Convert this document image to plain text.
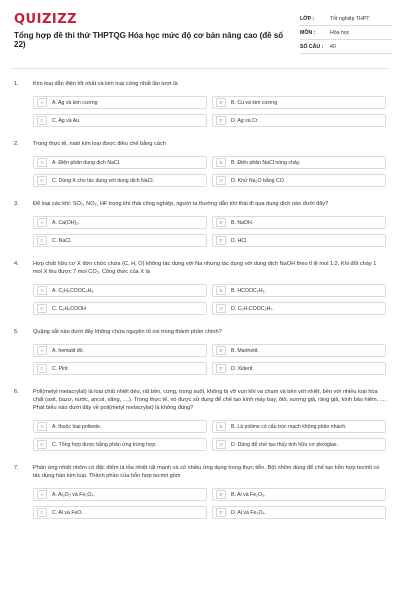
QUIZIZZ
Tổng hợp đề thi thử THPTQG Hóa học mức độ cơ bản nâng cao (đề số 22)
LỚP :	Tốt nghiệp THPT
MÔN :	Hóa học
SỐ CÂU :	40
1.	Kim loại dẫn điện tốt nhất và kim loại cứng nhất lần lượt là
A	A. Ag và kim cương	B	B. Cu và kim cương
C	C. Ag và Au.	D	D. Ag và Cr
2.	Trong thực tế, natri kim loại được điều chế bằng cách
A	A. Điện phân dung dịch NaCl.	B	B. Điện phân NaCl nóng chảy.
C	C. Dùng K cho tác dụng với dung dịch NaCl.	D	D. Khử Na₂O bằng CO.
3.	Để loại các khí: SO₂, NO₂, HF trong khí thải công nghiệp, người ta thường dẫn khí thải đi qua dung dịch nào dưới đây?
A	A. Ca(OH)₂.	B	B. NaOH.
C	C. NaCl.	D	D. HCl.
4.	Hợp chất hữu cơ X đơn chức chứa (C, H, O) không tác dụng với Na nhưng tác dụng với dung dịch NaOH theo tỉ lệ mol 1:2. Khi đốt cháy 1 mol X thu được 7 mol CO₂. Công thức của X là
A	A. C₂H₅COOC₄H₉	B	B. HCOOC₆H₅
C	C. C₆H₅COOH	D	D. C₃H₇COOC₂H₇.
5.	Quặng sắt nào dưới đây không chứa nguyên tố oxi trong thành phần chính?
A	A. hematit đỏ.	B	B. Manhetit.
C	C. Pirit.	D	D. Xiderit.
6.	Poli(metyl metacrylat) là loại chất nhiệt dẻo, rất bền, cứng, trong suốt, không bị vỡ vụn khi va chạm và bền với nhiệt, bền với nhiều loại hóa chất (axit, bazơ, nước, ancol, xăng, ....). Trong thực tế, nó được sử dụng để chế tạo kính máy bay, ôtô, xương giả, răng giả, kính bảo hiểm, .... Phát biểu nào dưới đây về poli(metyl metacrylat) là không đúng?
A	A. thuộc loại polieste.	B	B. Là polime có cấu trúc mạch không phân nhánh.
C	C. Tổng hợp được bằng phản ứng trùng hợp.	D	D. Dùng để chế tạo thủy tinh hữu cơ plexiglas.
7.	Phản ứng nhiệt nhôm có đặc điểm là tỏa nhiệt rất mạnh và có nhiều ứng dụng trong thực tiễn. Bột nhôm dùng để chế tạo hỗn hợp tecmit có tác dụng hàn kim loại. Thành phần của hỗn hợp tecmit gồm
A	A. Al₂O₃ và Fe₃O₄.	B	B. Al và Fe₂O₃.
C	C. Al và FeO.	D	D. Al và Fe₃O₄.
